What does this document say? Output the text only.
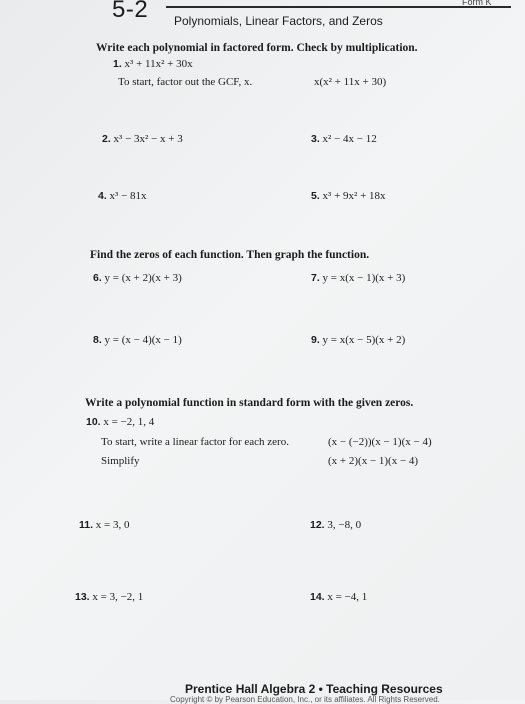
5-2 Polynomials, Linear Factors, and Zeros
Form K
Write each polynomial in factored form. Check by multiplication.
1. x³ + 11x² + 30x
To start, factor out the GCF, x.	x(x² + 11x + 30)
2. x³ − 3x² − x + 3	3. x² − 4x − 12
4. x³ − 81x	5. x³ + 9x² + 18x
Find the zeros of each function. Then graph the function.
6. y = (x + 2)(x + 3)	7. y = x(x − 1)(x + 3)
8. y = (x − 4)(x − 1)	9. y = x(x − 5)(x + 2)
Write a polynomial function in standard form with the given zeros.
10. x = −2, 1, 4
To start, write a linear factor for each zero.	(x − (−2))(x − 1)(x − 4)
Simplify	(x + 2)(x − 1)(x − 4)
11. x = 3, 0	12. 3, −8, 0
13. x = 3, −2, 1	14. x = −4, 1
Prentice Hall Algebra 2 • Teaching Resources
Copyright © by Pearson Education, Inc., or its affiliates. All Rights Reserved.
